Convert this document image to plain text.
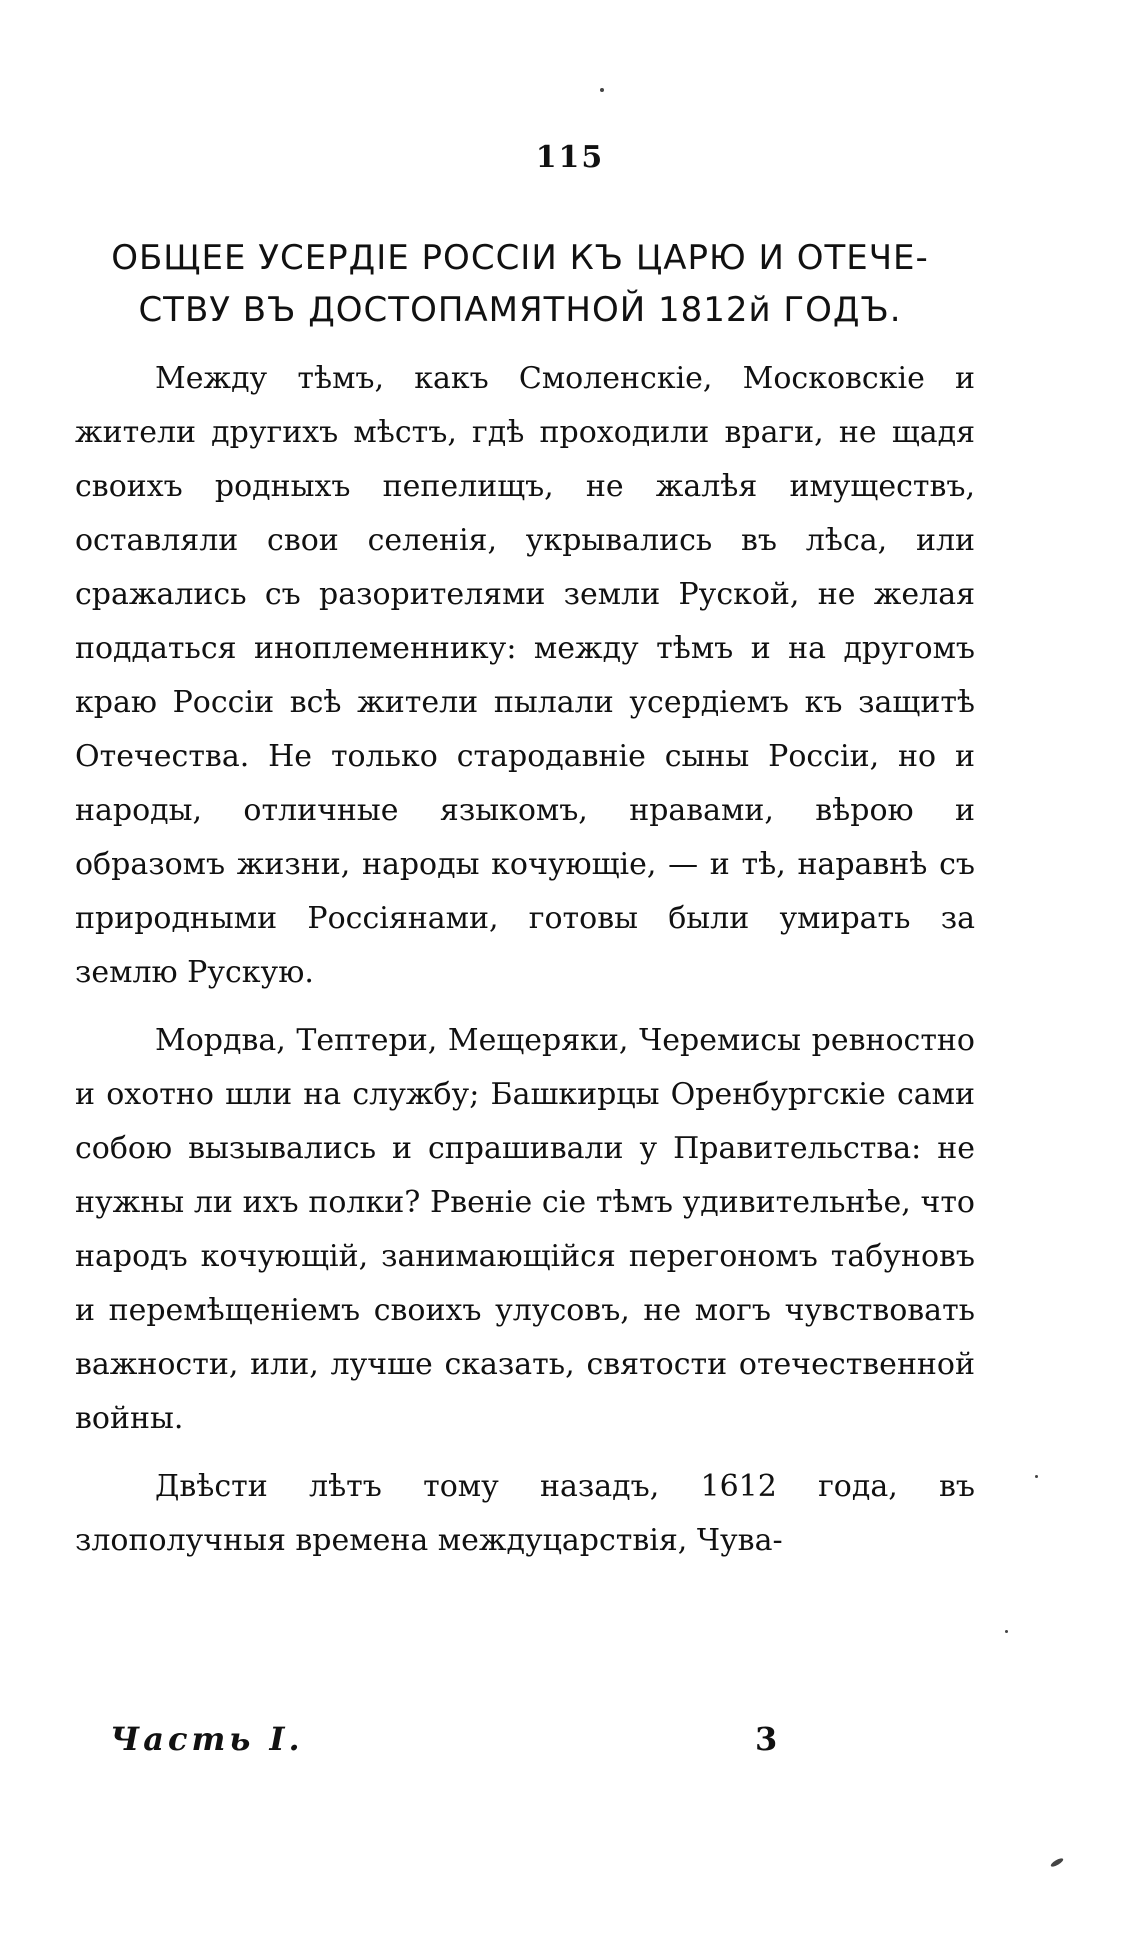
115
ОБЩЕЕ УСЕРДІЕ РОССІИ КЪ ЦАРЮ И ОТЕЧЕ-
СТВУ ВЪ ДОСТОПАМЯТНОЙ 1812й ГОДЪ.

Между тѣмъ, какъ Смоленскіе, Московскіе и жители другихъ мѣстъ, гдѣ проходили враги, не щадя своихъ родныхъ пепелищъ, не жалѣя имуществъ, оставляли свои селенія, укрывались въ лѣса, или сражались съ разорителями земли Руской, не желая поддаться иноплеменнику: между тѣмъ и на другомъ краю Россіи всѣ жители пылали усердіемъ къ защитѣ Отечества. Не только стародавніе сыны Россіи, но и народы, отличные языкомъ, нравами, вѣрою и образомъ жизни, народы кочующіе, — и тѣ, наравнѣ съ природными Россіянами, готовы были умирать за землю Рускую.

Мордва, Тептери, Мещеряки, Черемисы ревностно и охотно шли на службу; Башкирцы Оренбургскіе сами собою вызывались и спрашивали у Правительства: не нужны ли ихъ полки? Рвеніе сіе тѣмъ удивительнѣе, что народъ кочующій, занимающійся перегономъ табуновъ и перемѣщеніемъ своихъ улусовъ, не могъ чувствовать важности, или, лучше сказать, святости отечественной войны.

Двѣсти лѣтъ тому назадъ, 1612 года, въ злополучныя времена междуцарствія, Чува-

Часть I.	3
